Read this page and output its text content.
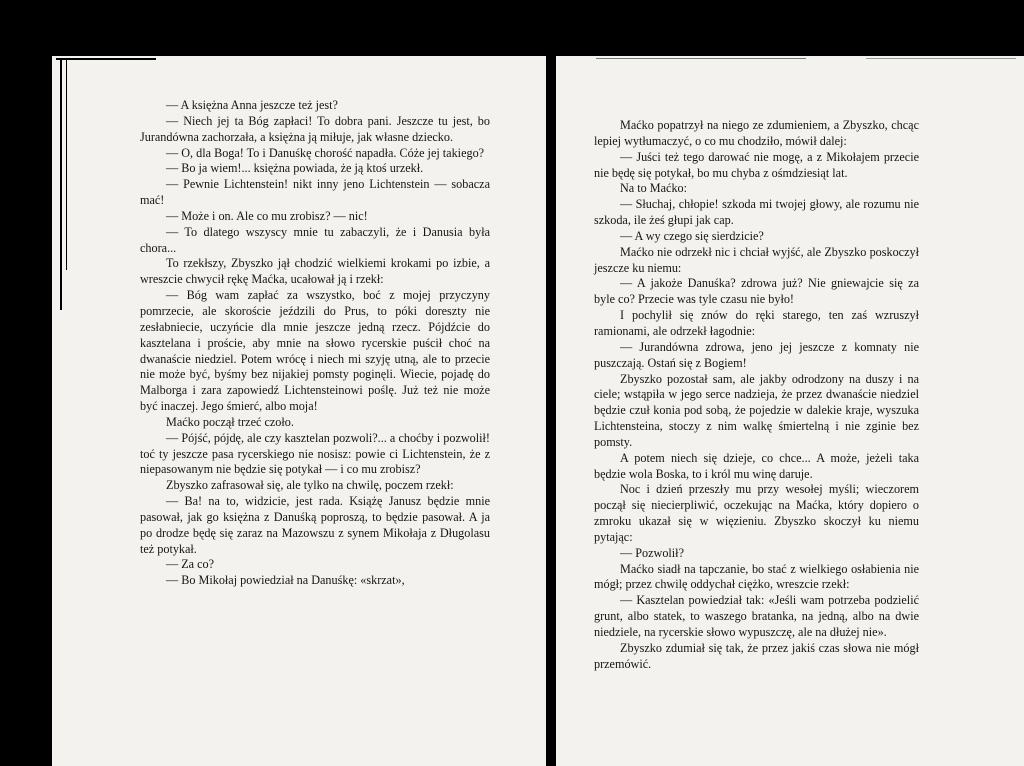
— A księżna Anna jeszcze też jest?

— Niech jej ta Bóg zapłaci! To dobra pani. Jeszcze tu jest, bo Jurandówna zachorzała, a księżna ją miłuje, jak własne dziecko.

— O, dla Boga! To i Danuśkę chorość napadła. Cóże jej takiego?

— Bo ja wiem!... księżna powiada, że ją ktoś urzekł.

— Pewnie Lichtenstein! nikt inny jeno Lichtenstein — sobacza mać!

— Może i on. Ale co mu zrobisz? — nic!

— To dlatego wszyscy mnie tu zabaczyli, że i Danusia była chora...

To rzekłszy, Zbyszko jął chodzić wielkiemi krokami po izbie, a wreszcie chwycił rękę Maćka, ucałował ją i rzekł:

— Bóg wam zapłać za wszystko, boć z mojej przyczyny pomrzecie, ale skoroście jeździli do Prus, to póki doreszty nie zesłabniecie, uczyńcie dla mnie jeszcze jedną rzecz. Pójdźcie do kasztelana i proście, aby mnie na słowo rycerskie puścił choć na dwanaście niedziel. Potem wrócę i niech mi szyję utną, ale to przecie nie może być, byśmy bez nijakiej pomsty poginęli. Wiecie, pojadę do Malborga i zara zapowiedź Lichtensteinowi poślę. Już też nie może być inaczej. Jego śmierć, albo moja!

Maćko począł trzeć czoło.

— Pójść, pójdę, ale czy kasztelan pozwoli?... a choćby i pozwolił! toć ty jeszcze pasa rycerskiego nie nosisz: powie ci Lichtenstein, że z niepasowanym nie będzie się potykał — i co mu zrobisz?

Zbyszko zafrasował się, ale tylko na chwilę, poczem rzekł:

— Ba! na to, widzicie, jest rada. Książę Janusz będzie mnie pasował, jak go księżna z Danuśką poproszą, to będzie pasował. A ja po drodze będę się zaraz na Mazowszu z synem Mikołaja z Długolasu też potykał.

— Za co?

— Bo Mikołaj powiedział na Danuśkę: «skrzat»,

Maćko popatrzył na niego ze zdumieniem, a Zbyszko, chcąc lepiej wytłumaczyć, o co mu chodziło, mówił dalej:

— Juści też tego darować nie mogę, a z Mikołajem przecie nie będę się potykał, bo mu chyba z ośmdziesiąt lat.

Na to Maćko:

— Słuchaj, chłopie! szkoda mi twojej głowy, ale rozumu nie szkoda, ile żeś głupi jak cap.

— A wy czego się sierdzicie?

Maćko nie odrzekł nic i chciał wyjść, ale Zbyszko poskoczył jeszcze ku niemu:

— A jakoże Danuśka? zdrowa już? Nie gniewajcie się za byle co? Przecie was tyle czasu nie było!

I pochylił się znów do ręki starego, ten zaś wzruszył ramionami, ale odrzekł łagodnie:

— Jurandówna zdrowa, jeno jej jeszcze z komnaty nie puszczają. Ostań się z Bogiem!

Zbyszko pozostał sam, ale jakby odrodzony na duszy i na ciele; wstąpiła w jego serce nadzieja, że przez dwanaście niedziel będzie czuł konia pod sobą, że pojedzie w dalekie kraje, wyszuka Lichtensteina, stoczy z nim walkę śmiertelną i nie zginie bez pomsty.

A potem niech się dzieje, co chce... A może, jeżeli taka będzie wola Boska, to i król mu winę daruje.

Noc i dzień przeszły mu przy wesołej myśli; wieczorem począł się niecierpliwić, oczekując na Maćka, który dopiero o zmroku ukazał się w więzieniu. Zbyszko skoczył ku niemu pytając:

— Pozwolił?

Maćko siadł na tapczanie, bo stać z wielkiego osłabienia nie mógł; przez chwilę oddychał ciężko, wreszcie rzekł:

— Kasztelan powiedział tak: «Jeśli wam potrzeba podzielić grunt, albo statek, to waszego bratanka, na jedną, albo na dwie niedziele, na rycerskie słowo wypuszczę, ale na dłużej nie».

Zbyszko zdumiał się tak, że przez jakiś czas słowa nie mógł przemówić.
